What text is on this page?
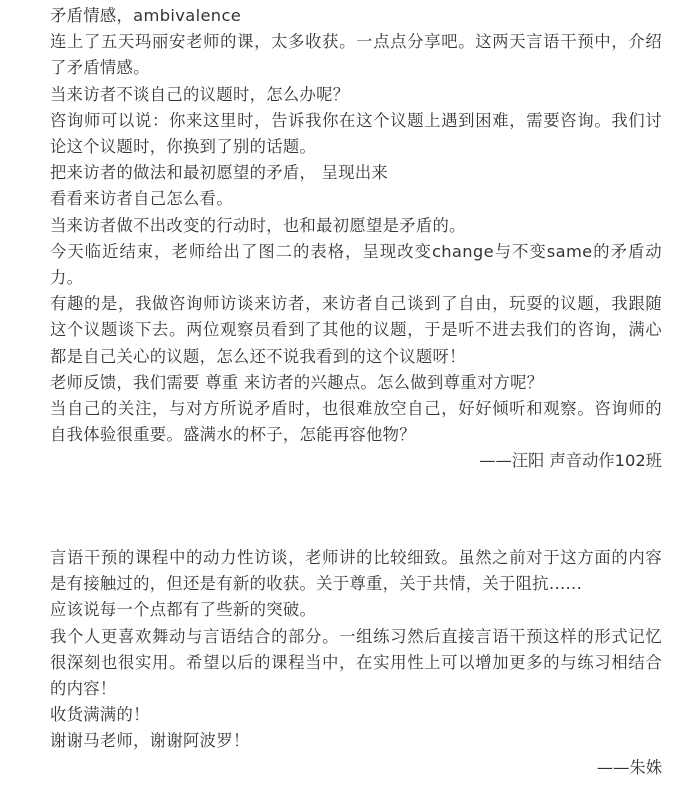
矛盾情感，ambivalence

连上了五天玛丽安老师的课，太多收获。一点点分享吧。这两天言语干预中，介绍了矛盾情感。

当来访者不谈自己的议题时，怎么办呢？

咨询师可以说：你来这里时，告诉我你在这个议题上遇到困难，需要咨询。我们讨论这个议题时，你换到了别的话题。

把来访者的做法和最初愿望的矛盾， 呈现出来

看看来访者自己怎么看。

当来访者做不出改变的行动时，也和最初愿望是矛盾的。

今天临近结束，老师给出了图二的表格，呈现改变change与不变same的矛盾动力。

有趣的是，我做咨询师访谈来访者，来访者自己谈到了自由，玩耍的议题，我跟随这个议题谈下去。两位观察员看到了其他的议题，于是听不进去我们的咨询，满心都是自己关心的议题，怎么还不说我看到的这个议题呀！

老师反馈，我们需要 尊重 来访者的兴趣点。怎么做到尊重对方呢？

当自己的关注，与对方所说矛盾时，也很难放空自己，好好倾听和观察。咨询师的自我体验很重要。盛满水的杯子，怎能再容他物？

——汪阳 声音动作102班

言语干预的课程中的动力性访谈，老师讲的比较细致。虽然之前对于这方面的内容是有接触过的，但还是有新的收获。关于尊重，关于共情，关于阻抗......

应该说每一个点都有了些新的突破。

我个人更喜欢舞动与言语结合的部分。一组练习然后直接言语干预这样的形式记忆很深刻也很实用。希望以后的课程当中，在实用性上可以增加更多的与练习相结合的内容！

收货满满的！

谢谢马老师，谢谢阿波罗！

——朱姝
